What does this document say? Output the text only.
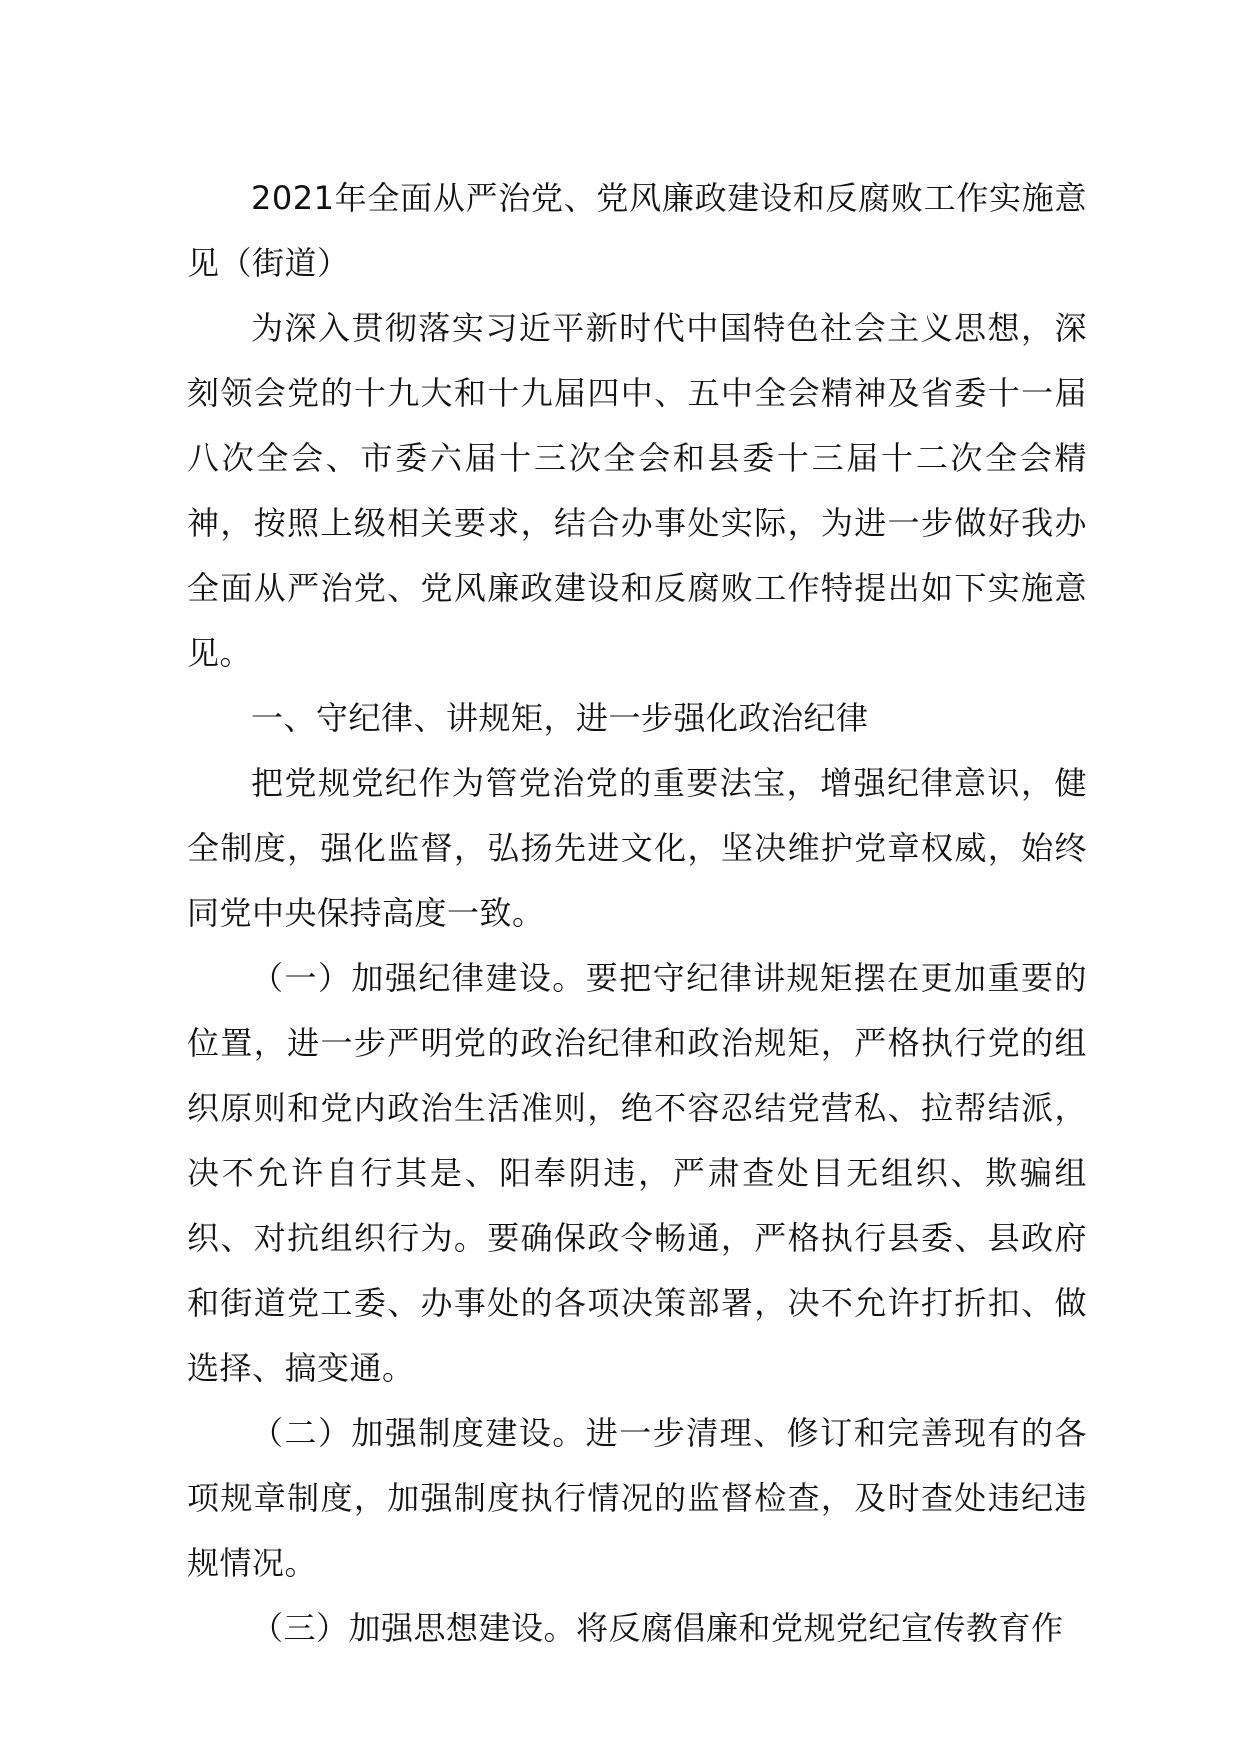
2021年全面从严治党、党风廉政建设和反腐败工作实施意见（街道）

为深入贯彻落实习近平新时代中国特色社会主义思想，深刻领会党的十九大和十九届四中、五中全会精神及省委十一届八次全会、市委六届十三次全会和县委十三届十二次全会精神，按照上级相关要求，结合办事处实际，为进一步做好我办全面从严治党、党风廉政建设和反腐败工作特提出如下实施意见。

一、守纪律、讲规矩，进一步强化政治纪律

把党规党纪作为管党治党的重要法宝，增强纪律意识，健全制度，强化监督，弘扬先进文化，坚决维护党章权威，始终同党中央保持高度一致。

（一）加强纪律建设。要把守纪律讲规矩摆在更加重要的位置，进一步严明党的政治纪律和政治规矩，严格执行党的组织原则和党内政治生活准则，绝不容忍结党营私、拉帮结派，决不允许自行其是、阳奉阴违，严肃查处目无组织、欺骗组织、对抗组织行为。要确保政令畅通，严格执行县委、县政府和街道党工委、办事处的各项决策部署，决不允许打折扣、做选择、搞变通。

（二）加强制度建设。进一步清理、修订和完善现有的各项规章制度，加强制度执行情况的监督检查，及时查处违纪违规情况。

（三）加强思想建设。将反腐倡廉和党规党纪宣传教育作
